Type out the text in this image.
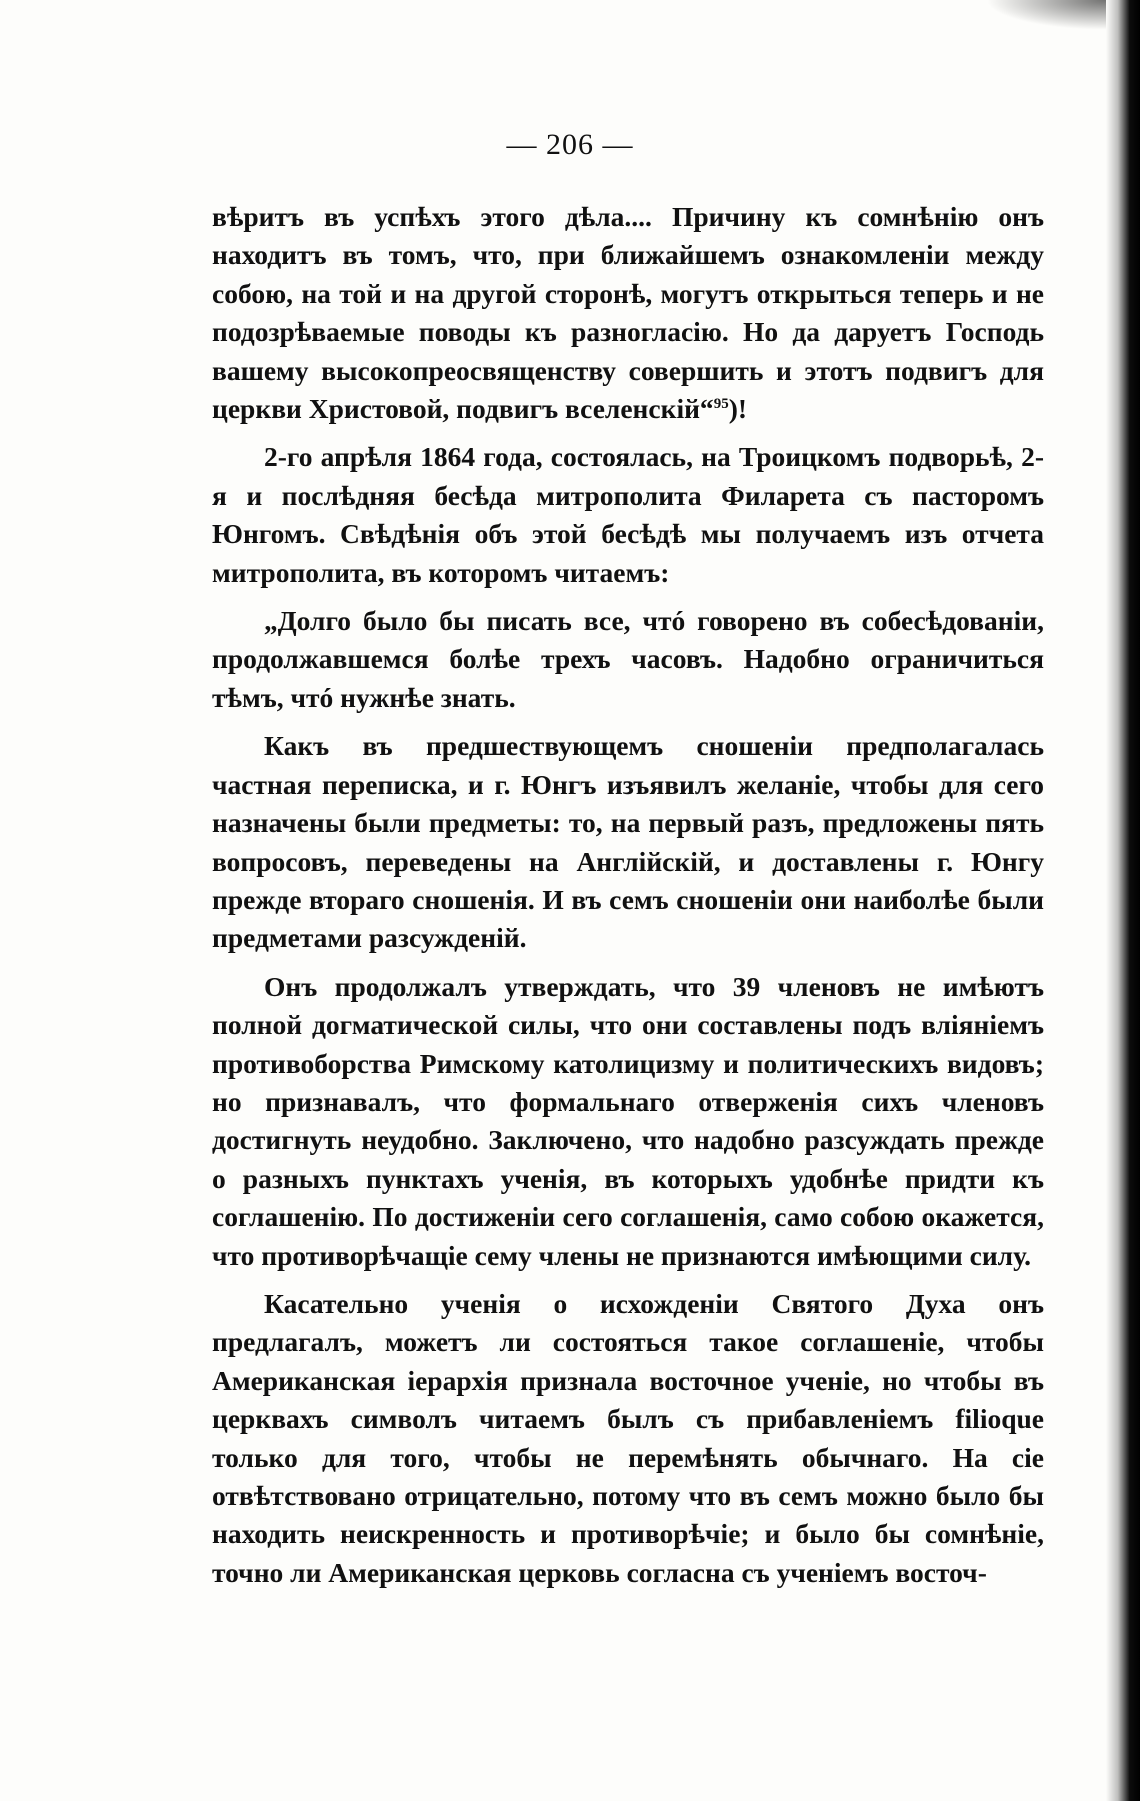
— 206 —

вѣритъ въ успѣхъ этого дѣла.... Причину къ сомнѣнію онъ находитъ въ томъ, что, при ближайшемъ ознакомленіи между собою, на той и на другой сторонѣ, могутъ открыться теперь и не подозрѣваемые поводы къ разногласію. Но да даруетъ Господь вашему высокопреосвященству совершить и этотъ подвигъ для церкви Христовой, подвигъ вселенскій“$^{95}$)!

2-го апрѣля 1864 года, состоялась, на Троицкомъ подворьѣ, 2-я и послѣдняя бесѣда митрополита Филарета съ пасторомъ Юнгомъ. Свѣдѣнія объ этой бесѣдѣ мы получаемъ изъ отчета митрополита, въ которомъ читаемъ:

„Долго было бы писать все, чтó говорено въ собесѣдованіи, продолжавшемся болѣе трехъ часовъ. Надобно ограничиться тѣмъ, чтó нужнѣе знать.

Какъ въ предшествующемъ сношеніи предполагалась частная переписка, и г. Юнгъ изъявилъ желаніе, чтобы для сего назначены были предметы: то, на первый разъ, предложены пять вопросовъ, переведены на Англійскій, и доставлены г. Юнгу прежде втораго сношенія. И въ семъ сношеніи они наиболѣе были предметами разсужденій.

Онъ продолжалъ утверждать, что 39 членовъ не имѣютъ полной догматической силы, что они составлены подъ вліяніемъ противоборства Римскому католицизму и политическихъ видовъ; но признавалъ, что формальнаго отверженія сихъ членовъ достигнуть неудобно. Заключено, что надобно разсуждать прежде о разныхъ пунктахъ ученія, въ которыхъ удобнѣе придти къ соглашенію. По достиженіи сего соглашенія, само собою окажется, что противорѣчащіе сему члены не признаются имѣющими силу.

Касательно ученія о исхожденіи Святого Духа онъ предлагалъ, можетъ ли состояться такое соглашеніе, чтобы Американская іерархія признала восточное ученіе, но чтобы въ церквахъ символъ читаемъ былъ съ прибавленіемъ filioque только для того, чтобы не перемѣнять обычнаго. На сіе отвѣтствовано отрицательно, потому что въ семъ можно было бы находить неискренность и противорѣчіе; и было бы сомнѣніе, точно ли Американская церковь согласна съ ученіемъ восточ-
